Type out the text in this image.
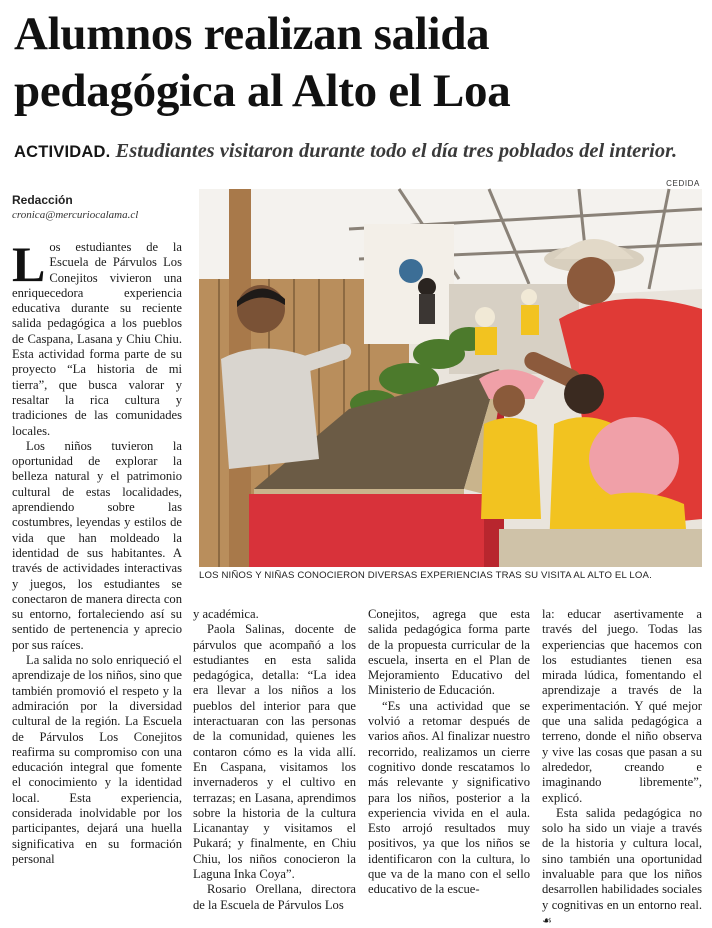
Alumnos realizan salida pedagógica al Alto el Loa
ACTIVIDAD. Estudiantes visitaron durante todo el día tres poblados del interior.
CEDIDA
Redacción
cronica@mercuriocalama.cl
LOS NIÑOS Y NIÑAS CONOCIERON DIVERSAS EXPERIENCIAS TRAS SU VISITA AL ALTO EL LOA.

Los estudiantes de la Escuela de Párvulos Los Conejitos vivieron una enriquecedora experiencia educativa durante su reciente salida pedagógica a los pueblos de Caspana, Lasana y Chiu Chiu. Esta actividad forma parte de su proyecto “La historia de mi tierra”, que busca valorar y resaltar la rica cultura y tradiciones de las comunidades locales.

Los niños tuvieron la oportunidad de explorar la belleza natural y el patrimonio cultural de estas localidades, aprendiendo sobre las costumbres, leyendas y estilos de vida que han moldeado la identidad de sus habitantes. A través de actividades interactivas y juegos, los estudiantes se conectaron de manera directa con su entorno, fortaleciendo así su sentido de pertenencia y aprecio por sus raíces.

La salida no solo enriqueció el aprendizaje de los niños, sino que también promovió el respeto y la admiración por la diversidad cultural de la región. La Escuela de Párvulos Los Conejitos reafirma su compromiso con una educación integral que fomente el conocimiento y la identidad local. Esta experiencia, considerada inolvidable por los participantes, dejará una huella significativa en su formación personal

y académica.

Paola Salinas, docente de párvulos que acompañó a los estudiantes en esta salida pedagógica, detalla: “La idea era llevar a los niños a los pueblos del interior para que interactuaran con las personas de la comunidad, quienes les contaron cómo es la vida allí. En Caspana, visitamos los invernaderos y el cultivo en terrazas; en Lasana, aprendimos sobre la historia de la cultura Licanantay y visitamos el Pukará; y finalmente, en Chiu Chiu, los niños conocieron la Laguna Inka Coya”.

Rosario Orellana, directora de la Escuela de Párvulos Los

Conejitos, agrega que esta salida pedagógica forma parte de la propuesta curricular de la escuela, inserta en el Plan de Mejoramiento Educativo del Ministerio de Educación.

“Es una actividad que se volvió a retomar después de varios años. Al finalizar nuestro recorrido, realizamos un cierre cognitivo donde rescatamos lo más relevante y significativo para los niños, posterior a la experiencia vivida en el aula. Esto arrojó resultados muy positivos, ya que los niños se identificaron con la cultura, lo que va de la mano con el sello educativo de la escue-

la: educar asertivamente a través del juego. Todas las experiencias que hacemos con los estudiantes tienen esa mirada lúdica, fomentando el aprendizaje a través de la experimentación. Y qué mejor que una salida pedagógica a terreno, donde el niño observa y vive las cosas que pasan a su alrededor, creando e imaginando libremente”, explicó.

Esta salida pedagógica no solo ha sido un viaje a través de la historia y cultura local, sino también una oportunidad invaluable para que los niños desarrollen habilidades sociales y cognitivas en un entorno real. ☙
